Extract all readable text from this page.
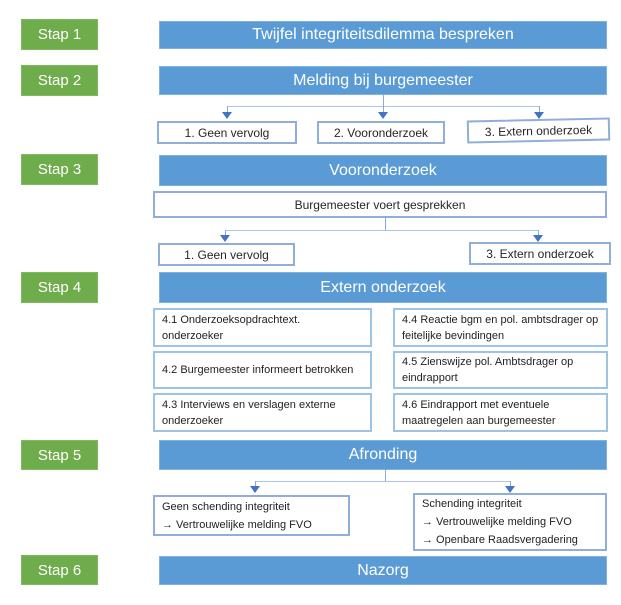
Stap 1
Stap 2
Stap 3
Stap 4
Stap 5
Stap 6
Twijfel integriteitsdilemma bespreken
Melding bij burgemeester
Vooronderzoek
Extern onderzoek
Afronding
Nazorg
1. Geen vervolg	2. Vooronderzoek	3. Extern onderzoek
Burgemeester voert gesprekken
1. Geen vervolg	3. Extern onderzoek
4.1 Onderzoeksopdrachtext. onderzoeker
4.2 Burgemeester informeert betrokken
4.3 Interviews en verslagen externe onderzoeker
4.4 Reactie bgm en pol. ambtsdrager op feitelijke bevindingen
4.5 Zienswijze pol. Ambtsdrager op eindrapport
4.6 Eindrapport met eventuele maatregelen aan burgemeester
Geen schending integriteit
→ Vertrouwelijke melding FVO
Schending integriteit
→ Vertrouwelijke melding FVO
→ Openbare Raadsvergadering
